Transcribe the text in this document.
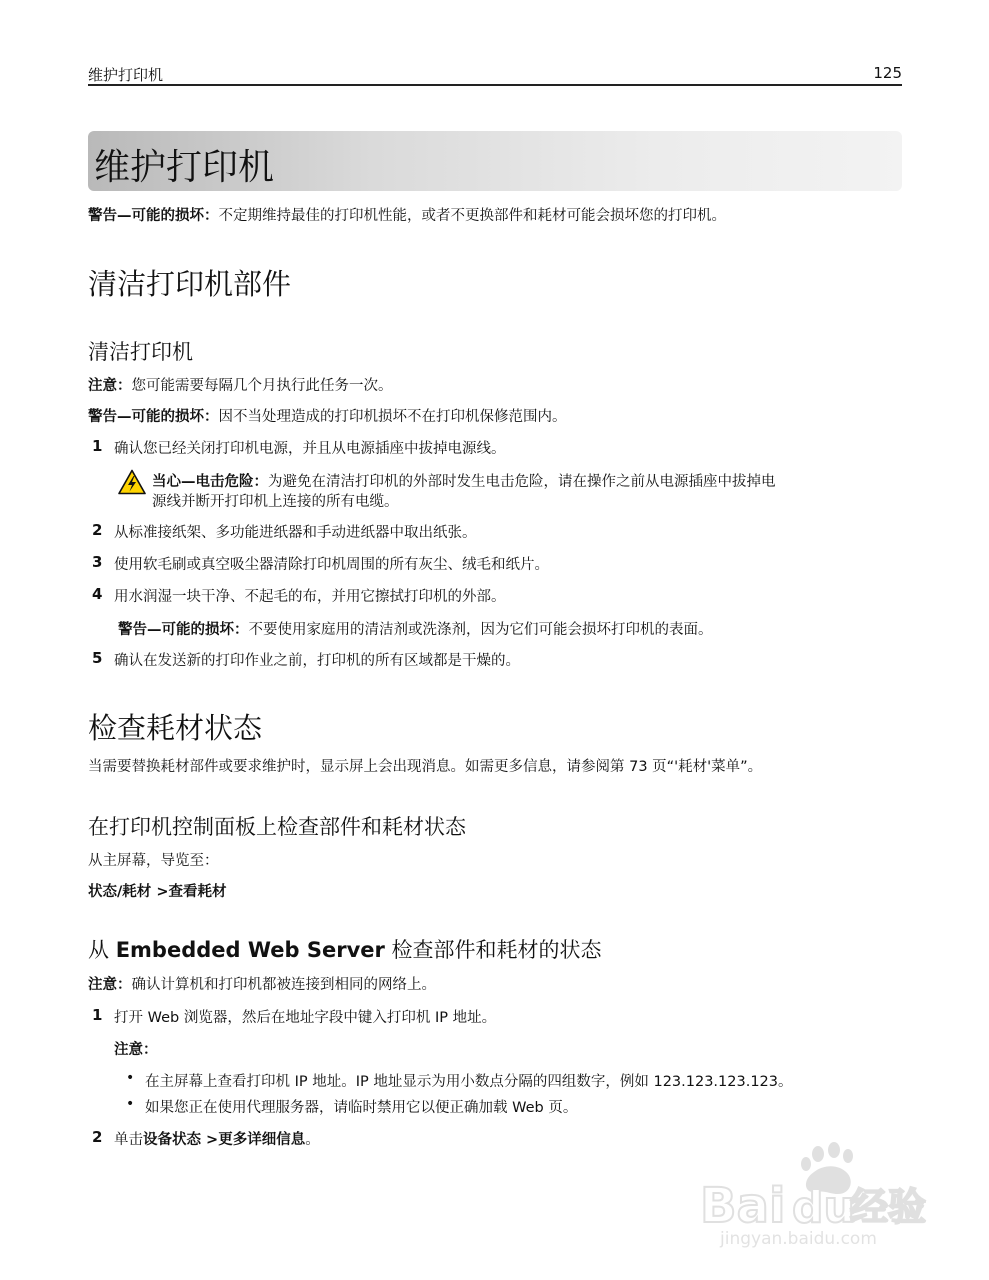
维护打印机	125
维护打印机
警告—可能的损坏：不定期维持最佳的打印机性能，或者不更换部件和耗材可能会损坏您的打印机。
清洁打印机部件
清洁打印机
注意：您可能需要每隔几个月执行此任务一次。
警告—可能的损坏：因不当处理造成的打印机损坏不在打印机保修范围内。
1 确认您已经关闭打印机电源，并且从电源插座中拔掉电源线。
当心—电击危险：为避免在清洁打印机的外部时发生电击危险，请在操作之前从电源插座中拔掉电
源线并断开打印机上连接的所有电缆。
2 从标准接纸架、多功能进纸器和手动进纸器中取出纸张。
3 使用软毛刷或真空吸尘器清除打印机周围的所有灰尘、绒毛和纸片。
4 用水润湿一块干净、不起毛的布，并用它擦拭打印机的外部。
警告—可能的损坏：不要使用家庭用的清洁剂或洗涤剂，因为它们可能会损坏打印机的表面。
5 确认在发送新的打印作业之前，打印机的所有区域都是干燥的。
检查耗材状态
当需要替换耗材部件或要求维护时，显示屏上会出现消息。如需更多信息，请参阅第 73 页“'耗材'菜单”。
在打印机控制面板上检查部件和耗材状态
从主屏幕，导览至：
状态/耗材 >查看耗材
从 Embedded Web Server 检查部件和耗材的状态
注意：确认计算机和打印机都被连接到相同的网络上。
1 打开 Web 浏览器，然后在地址字段中键入打印机 IP 地址。
注意：
• 在主屏幕上查看打印机 IP 地址。IP 地址显示为用小数点分隔的四组数字，例如 123.123.123.123。
• 如果您正在使用代理服务器，请临时禁用它以便正确加载 Web 页。
2 单击设备状态 >更多详细信息。
Bai du
经验
jingyan.baidu.com
